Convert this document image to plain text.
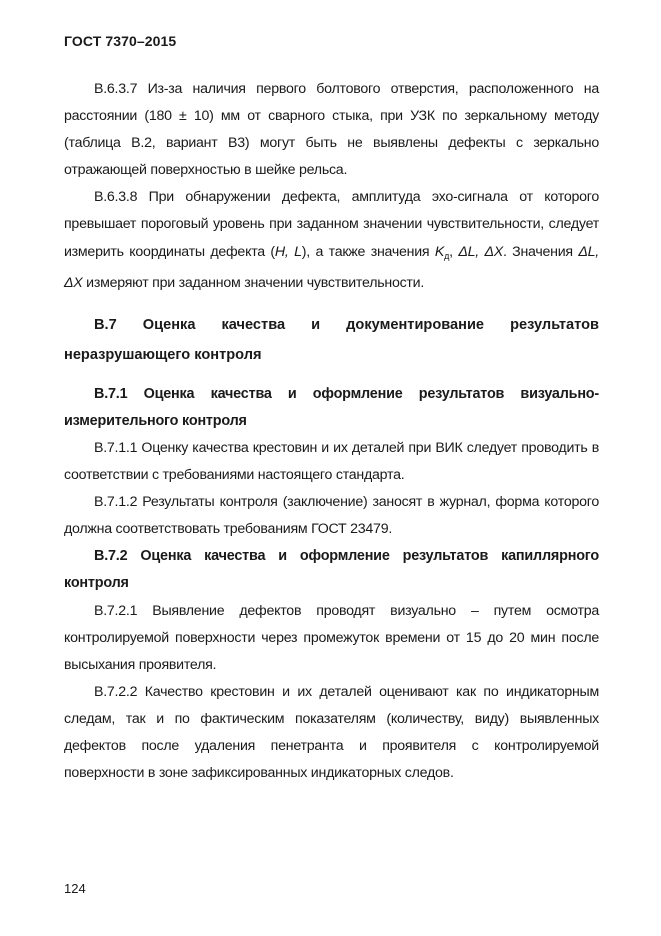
ГОСТ 7370–2015

В.6.3.7 Из-за наличия первого болтового отверстия, расположенного на расстоянии (180 ± 10) мм от сварного стыка, при УЗК по зеркальному методу (таблица В.2, вариант В3) могут быть не выявлены дефекты с зеркально отражающей поверхностью в шейке рельса.

В.6.3.8 При обнаружении дефекта, амплитуда эхо-сигнала от которого превышает пороговый уровень при заданном значении чувствительности, следует измерить координаты дефекта (H, L), а также значения $K_д$, ΔL, ΔX. Значения ΔL, ΔX измеряют при заданном значении чувствительности.

В.7 Оценка качества и документирование результатов неразрушающего контроля
В.7.1 Оценка качества и оформление результатов визуально-измерительного контроля

В.7.1.1 Оценку качества крестовин и их деталей при ВИК следует проводить в соответствии с требованиями настоящего стандарта.

В.7.1.2 Результаты контроля (заключение) заносят в журнал, форма которого должна соответствовать требованиям ГОСТ 23479.

В.7.2 Оценка качества и оформление результатов капиллярного контроля

В.7.2.1 Выявление дефектов проводят визуально – путем осмотра контролируемой поверхности через промежуток времени от 15 до 20 мин после высыхания проявителя.

В.7.2.2 Качество крестовин и их деталей оценивают как по индикаторным следам, так и по фактическим показателям (количеству, виду) выявленных дефектов после удаления пенетранта и проявителя с контролируемой поверхности в зоне зафиксированных индикаторных следов.

124
